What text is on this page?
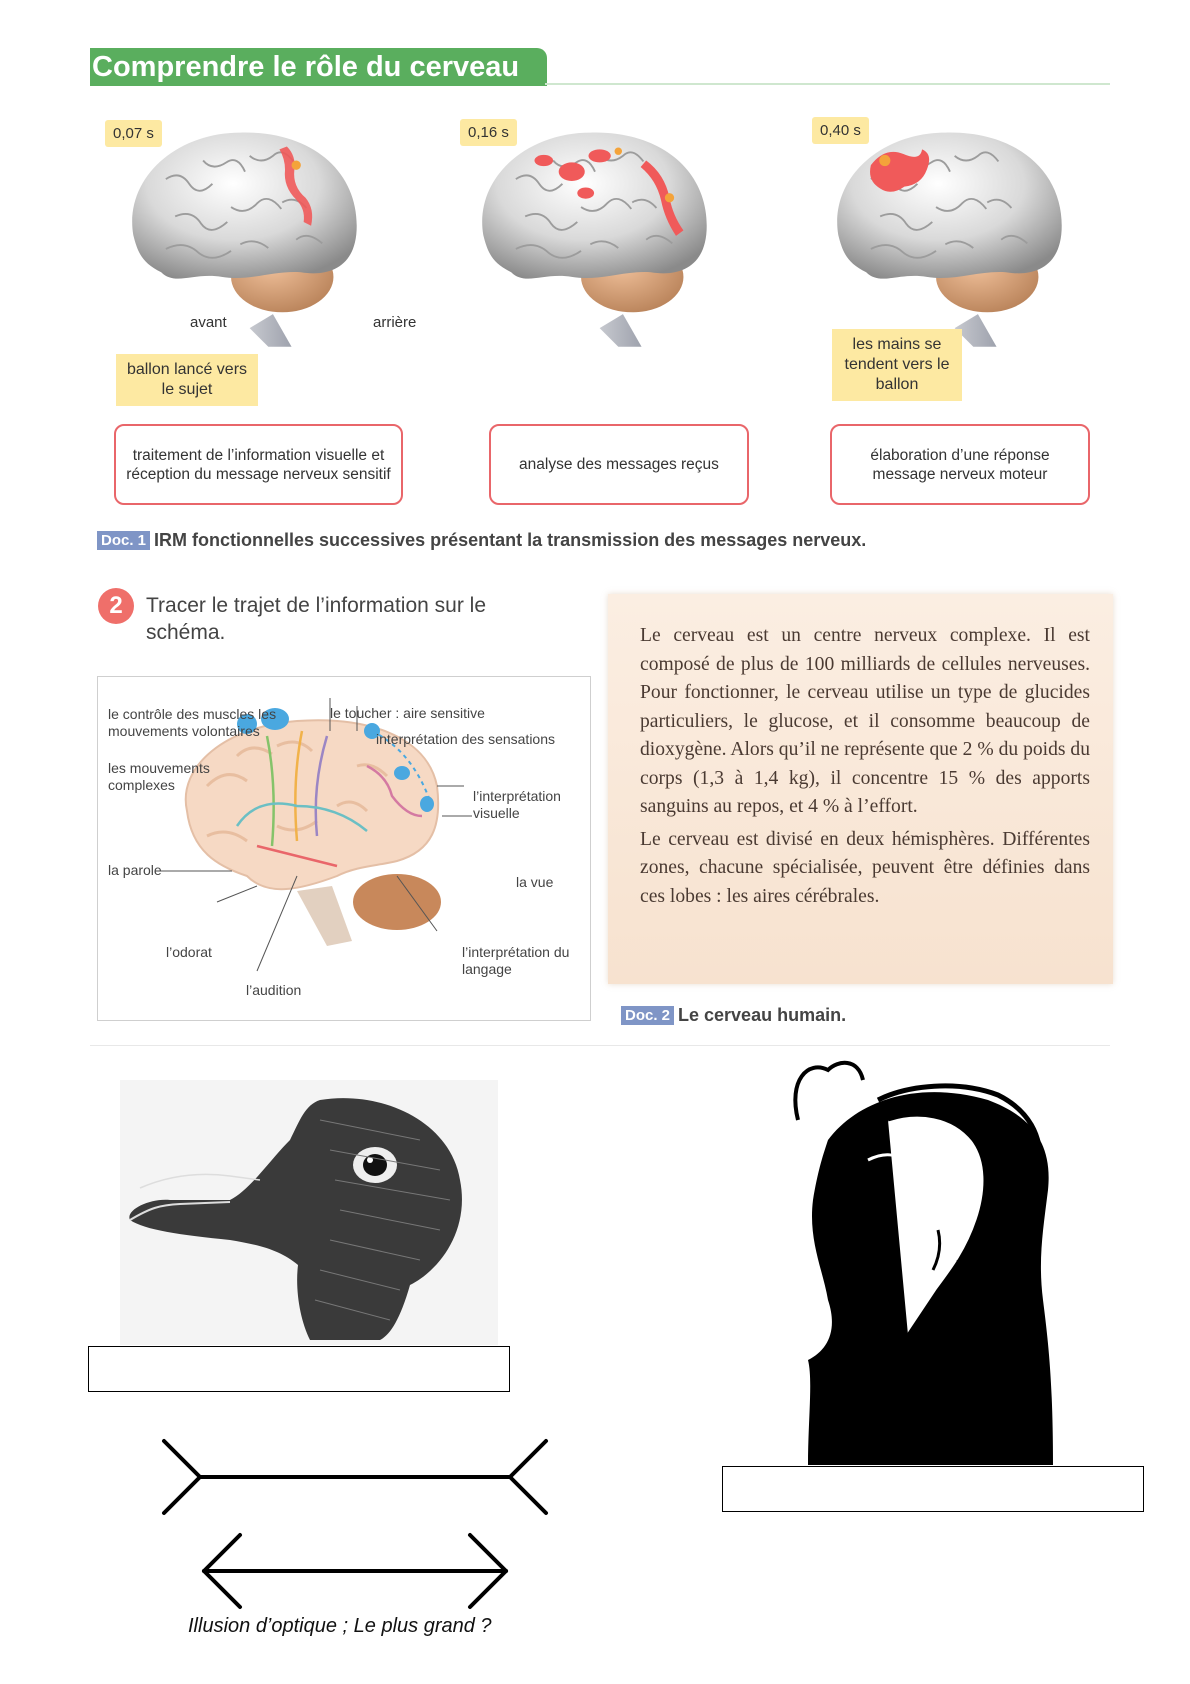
Comprendre le rôle du cerveau
0,07 s
avant	arrière
ballon lancé vers le sujet
0,16 s	0,40 s
les mains se tendent vers le ballon
traitement de l’information visuelle et réception du message nerveux sensitif
analyse des messages reçus
élaboration d’une réponse message nerveux moteur
Doc. 1 IRM fonctionnelles successives présentant la transmission des messages nerveux.
2	Tracer le trajet de l’information sur le schéma.
le contrôle des muscles les mouvements volontaires
le toucher : aire sensitive
interprétation des sensations
les mouvements complexes
l’interprétation visuelle
la parole
la vue
l’odorat	l’interprétation du langage
l’audition

Le cerveau est un centre nerveux complexe. Il est composé de plus de 100 milliards de cellules nerveuses. Pour fonctionner, le cerveau utilise un type de glucides particuliers, le glucose, et il consomme beaucoup de dioxygène. Alors qu’il ne représente que 2 % du poids du corps (1,3 à 1,4 kg), il concentre 15 % des apports sanguins au repos, et 4 % à l’effort.

Le cerveau est divisé en deux hémisphères. Différentes zones, chacune spécialisée, peuvent être définies dans ces lobes : les aires cérébrales.

Doc. 2 Le cerveau humain.
Illusion d’optique ; Le plus grand ?
